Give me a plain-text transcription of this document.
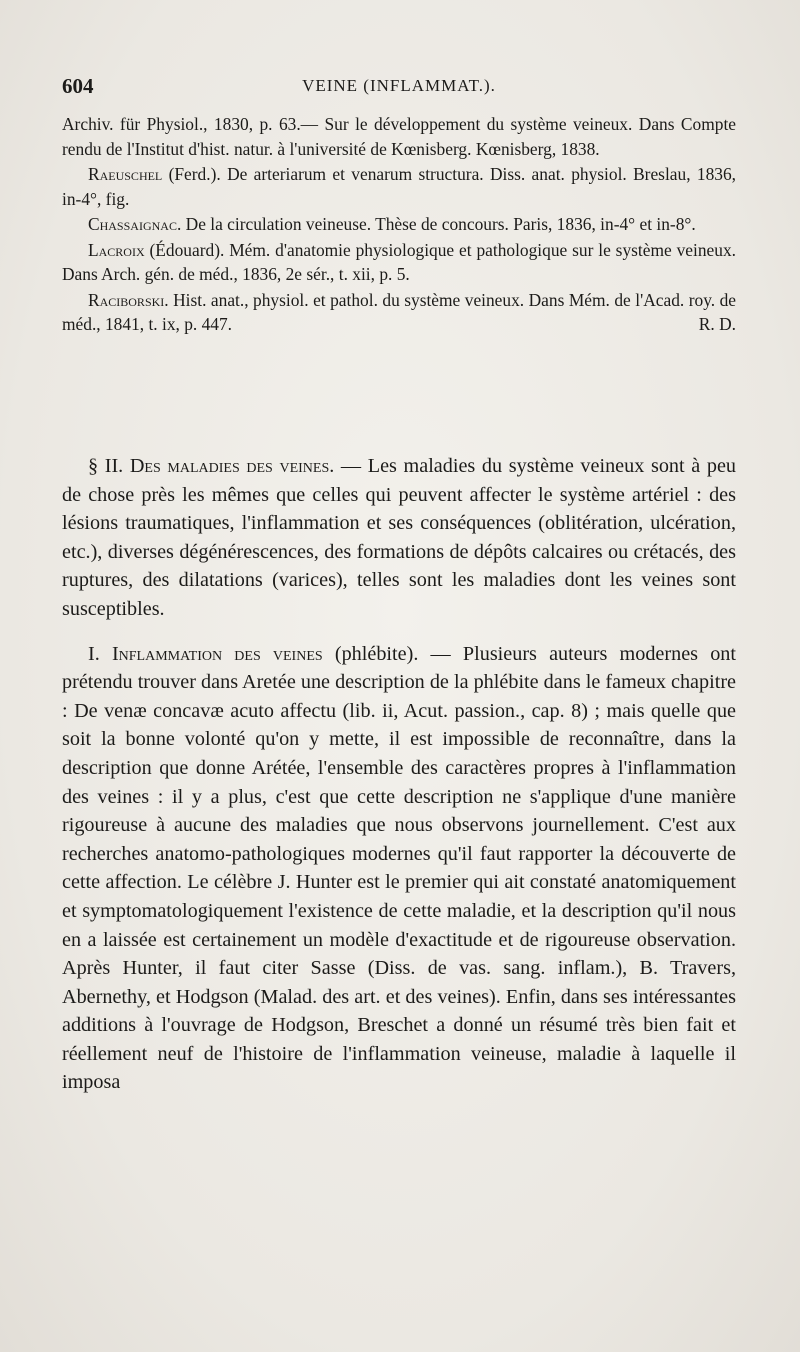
604	VEINE (INFLAMMAT.).

Archiv. für Physiol., 1830, p. 63.— Sur le développement du système veineux. Dans Compte rendu de l'Institut d'hist. natur. à l'université de Kœnisberg. Kœnisberg, 1838.

Raeuschel (Ferd.). De arteriarum et venarum structura. Diss. anat. physiol. Breslau, 1836, in-4°, fig.

Chassaignac. De la circulation veineuse. Thèse de concours. Paris, 1836, in-4° et in-8°.

Lacroix (Édouard). Mém. d'anatomie physiologique et pathologique sur le système veineux. Dans Arch. gén. de méd., 1836, 2e sér., t. xii, p. 5.

Raciborski. Hist. anat., physiol. et pathol. du système veineux. Dans Mém. de l'Acad. roy. de méd., 1841, t. ix, p. 447.	R. D.

§ II. Des maladies des veines. — Les maladies du système veineux sont à peu de chose près les mêmes que celles qui peuvent affecter le système artériel : des lésions traumatiques, l'inflammation et ses conséquences (oblitération, ulcération, etc.), diverses dégénérescences, des formations de dépôts calcaires ou crétacés, des ruptures, des dilatations (varices), telles sont les maladies dont les veines sont susceptibles.

I. Inflammation des veines (phlébite). — Plusieurs auteurs modernes ont prétendu trouver dans Aretée une description de la phlébite dans le fameux chapitre : De venæ concavæ acuto affectu (lib. ii, Acut. passion., cap. 8) ; mais quelle que soit la bonne volonté qu'on y mette, il est impossible de reconnaître, dans la description que donne Arétée, l'ensemble des caractères propres à l'inflammation des veines : il y a plus, c'est que cette description ne s'applique d'une manière rigoureuse à aucune des maladies que nous observons journellement. C'est aux recherches anatomo-pathologiques modernes qu'il faut rapporter la découverte de cette affection. Le célèbre J. Hunter est le premier qui ait constaté anatomiquement et symptomatologiquement l'existence de cette maladie, et la description qu'il nous en a laissée est certainement un modèle d'exactitude et de rigoureuse observation. Après Hunter, il faut citer Sasse (Diss. de vas. sang. inflam.), B. Travers, Abernethy, et Hodgson (Malad. des art. et des veines). Enfin, dans ses intéressantes additions à l'ouvrage de Hodgson, Breschet a donné un résumé très bien fait et réellement neuf de l'histoire de l'inflammation veineuse, maladie à laquelle il imposa
